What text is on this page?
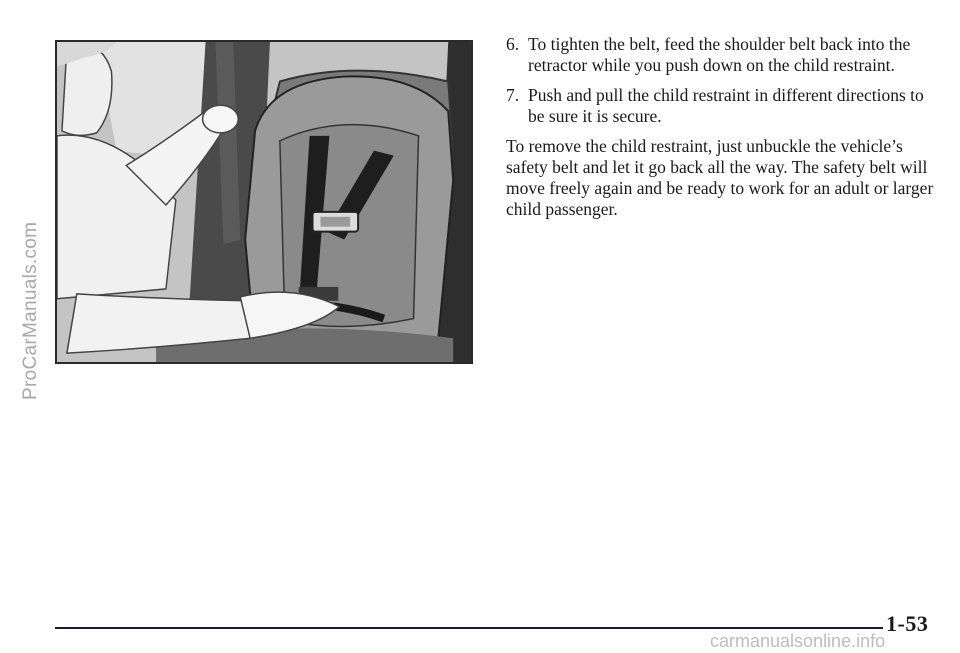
ProCarManuals.com
6. To tighten the belt, feed the shoulder belt back into the retractor while you push down on the child restraint.
7. Push and pull the child restraint in different directions to be sure it is secure.

To remove the child restraint, just unbuckle the vehicle’s safety belt and let it go back all the way. The safety belt will move freely again and be ready to work for an adult or larger child passenger.

1-53
carmanualsonline.info
